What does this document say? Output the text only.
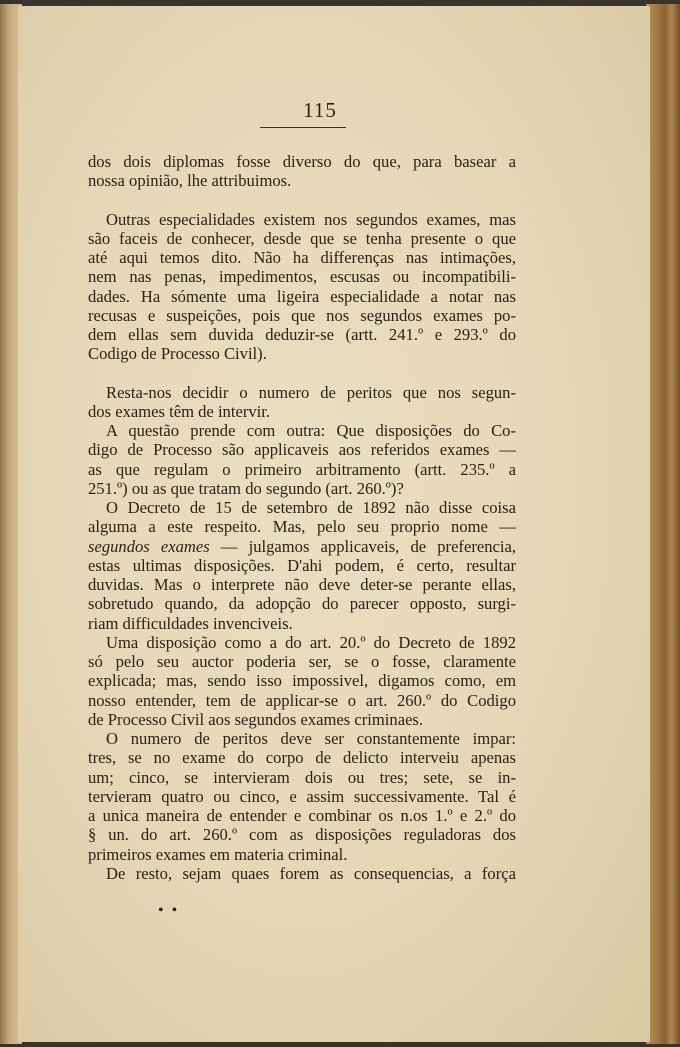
115
dos dois diplomas fosse diverso do que, para basear a
nossa opinião, lhe attribuimos.
Outras especialidades existem nos segundos exames, mas
são faceis de conhecer, desde que se tenha presente o que
até aqui temos dito. Não ha differenças nas intimações,
nem nas penas, impedimentos, escusas ou incompatibili-
dades. Ha sómente uma ligeira especialidade a notar nas
recusas e suspeições, pois que nos segundos exames po-
dem ellas sem duvida deduzir-se (artt. 241.º e 293.º do
Codigo de Processo Civil).
Resta-nos decidir o numero de peritos que nos segun-
dos exames têm de intervir.
A questão prende com outra: Que disposições do Co-
digo de Processo são applicaveis aos referidos exames —
as que regulam o primeiro arbitramento (artt. 235.º a
251.º) ou as que tratam do segundo (art. 260.º)?
O Decreto de 15 de setembro de 1892 não disse coisa
alguma a este respeito. Mas, pelo seu proprio nome —
segundos exames — julgamos applicaveis, de preferencia,
estas ultimas disposições. D'ahi podem, é certo, resultar
duvidas. Mas o interprete não deve deter-se perante ellas,
sobretudo quando, da adopção do parecer opposto, surgi-
riam difficuldades invenciveis.
Uma disposição como a do art. 20.º do Decreto de 1892
só pelo seu auctor poderia ser, se o fosse, claramente
explicada; mas, sendo isso impossivel, digamos como, em
nosso entender, tem de applicar-se o art. 260.º do Codigo
de Processo Civil aos segundos exames criminaes.
O numero de peritos deve ser constantemente impar:
tres, se no exame do corpo de delicto interveiu apenas
um; cinco, se intervieram dois ou tres; sete, se in-
tervieram quatro ou cinco, e assim successivamente. Tal é
a unica maneira de entender e combinar os n.os 1.º e 2.º do
§ un. do art. 260.º com as disposições reguladoras dos
primeiros exames em materia criminal.
De resto, sejam quaes forem as consequencias, a força
• •
